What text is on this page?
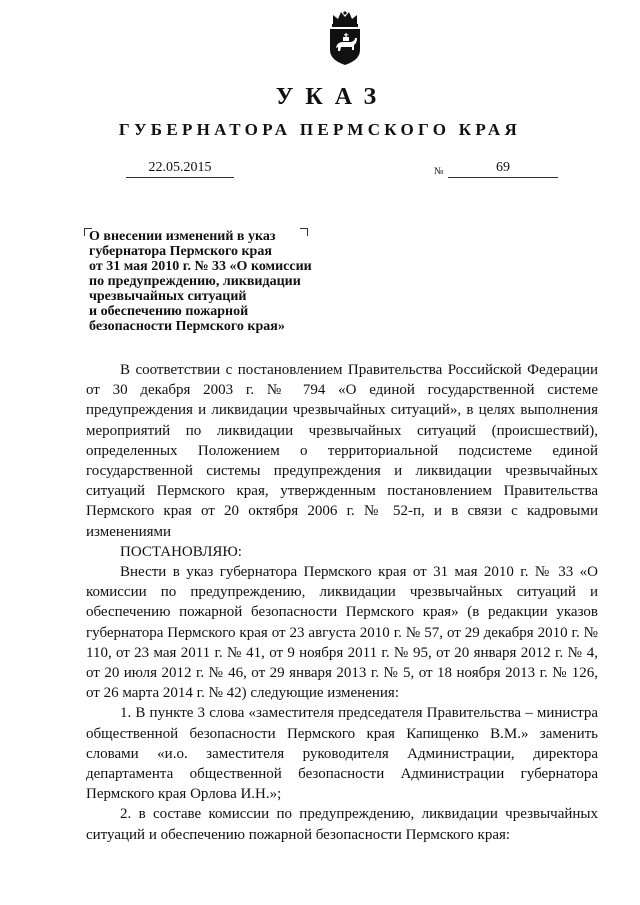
УКАЗ
ГУБЕРНАТОРА ПЕРМСКОГО КРАЯ
22.05.2015	№	69
О внесении изменений в указ
губернатора Пермского края
от 31 мая 2010 г. № 33 «О комиссии
по предупреждению, ликвидации
чрезвычайных ситуаций
и обеспечению пожарной
безопасности Пермского края»

В соответствии с постановлением Правительства Российской Федерации от 30 декабря 2003 г. № 794 «О единой государственной системе предупреждения и ликвидации чрезвычайных ситуаций», в целях выполнения мероприятий по ликвидации чрезвычайных ситуаций (происшествий), определенных Положением о территориальной подсистеме единой государственной системы предупреждения и ликвидации чрезвычайных ситуаций Пермского края, утвержденным постановлением Правительства Пермского края от 20 октября 2006 г. № 52-п, и в связи с кадровыми изменениями

ПОСТАНОВЛЯЮ:

Внести в указ губернатора Пермского края от 31 мая 2010 г. № 33 «О комиссии по предупреждению, ликвидации чрезвычайных ситуаций и обеспечению пожарной безопасности Пермского края» (в редакции указов губернатора Пермского края от 23 августа 2010 г. № 57, от 29 декабря 2010 г. № 110, от 23 мая 2011 г. № 41, от 9 ноября 2011 г. № 95, от 20 января 2012 г. № 4, от 20 июля 2012 г. № 46, от 29 января 2013 г. № 5, от 18 ноября 2013 г. № 126, от 26 марта 2014 г. № 42) следующие изменения:

1. В пункте 3 слова «заместителя председателя Правительства – министра общественной безопасности Пермского края Капищенко В.М.» заменить словами «и.о. заместителя руководителя Администрации, директора департамента общественной безопасности Администрации губернатора Пермского края Орлова И.Н.»;

2. в составе комиссии по предупреждению, ликвидации чрезвычайных ситуаций и обеспечению пожарной безопасности Пермского края:
